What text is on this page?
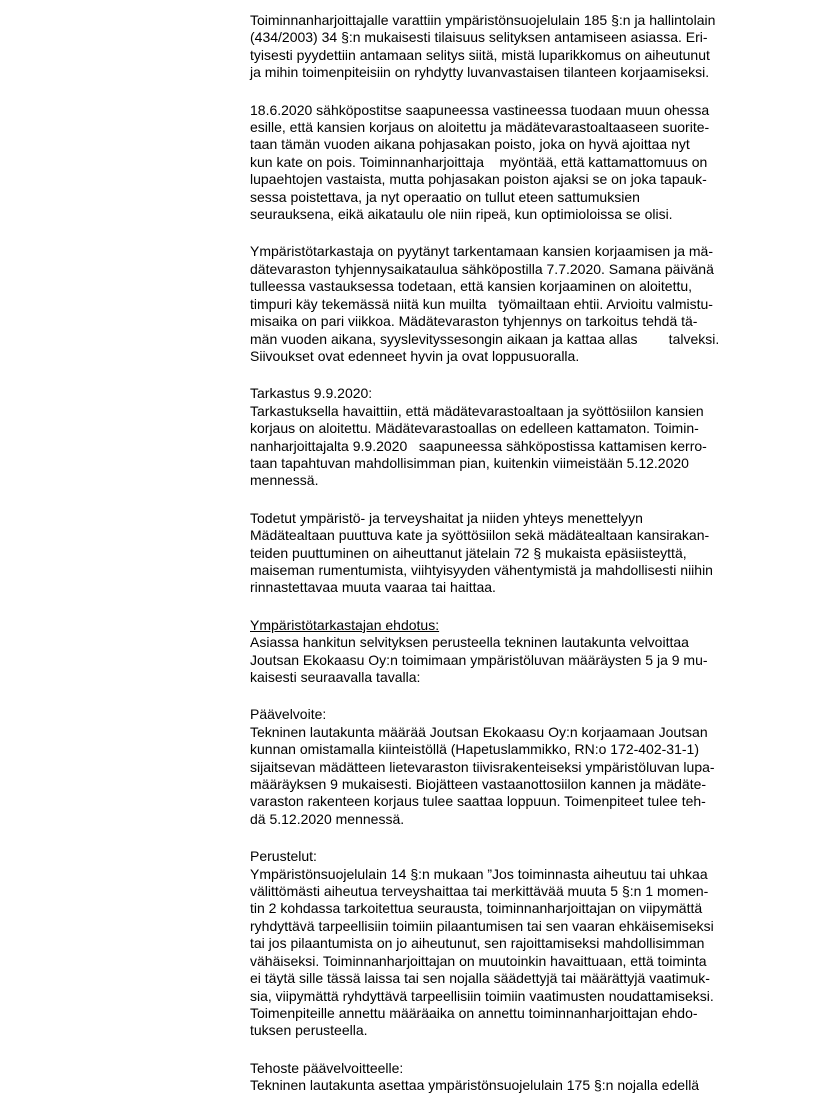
Toiminnanharjoittajalle varattiin ympäristönsuojelulain 185 §:n ja hallintolain
(434/2003) 34 §:n mukaisesti tilaisuus selityksen antamiseen asiassa. Eri-
tyisesti pyydettiin antamaan selitys siitä, mistä luparikkomus on aiheutunut
ja mihin toimenpiteisiin on ryhdytty luvanvastaisen tilanteen korjaamiseksi.
18.6.2020 sähköpostitse saapuneessa vastineessa tuodaan muun ohessa
esille, että kansien korjaus on aloitettu ja mädätevarastoaltaaseen suorite-
taan tämän vuoden aikana pohjasakan poisto, joka on hyvä ajoittaa nyt
kun kate on pois. Toiminnanharjoittaja    myöntää, että kattamattomuus on
lupaehtojen vastaista, mutta pohjasakan poiston ajaksi se on joka tapauk-
sessa poistettava, ja nyt operaatio on tullut eteen sattumuksien
seurauksena, eikä aikataulu ole niin ripeä, kun optimioloissa se olisi.
Ympäristötarkastaja on pyytänyt tarkentamaan kansien korjaamisen ja mä-
dätevaraston tyhjennysaikataulua sähköpostilla 7.7.2020. Samana päivänä
tulleessa vastauksessa todetaan, että kansien korjaaminen on aloitettu,
timpuri käy tekemässä niitä kun muilta   työmailtaan ehtii. Arvioitu valmistu-
misaika on pari viikkoa. Mädätevaraston tyhjennys on tarkoitus tehdä tä-
män vuoden aikana, syyslevityssesongin aikaan ja kattaa allas        talveksi.
Siivoukset ovat edenneet hyvin ja ovat loppusuoralla.
Tarkastus 9.9.2020:
Tarkastuksella havaittiin, että mädätevarastoaltaan ja syöttösiilon kansien
korjaus on aloitettu. Mädätevarastoallas on edelleen kattamaton. Toimin-
nanharjoittajalta 9.9.2020   saapuneessa sähköpostissa kattamisen kerro-
taan tapahtuvan mahdollisimman pian, kuitenkin viimeistään 5.12.2020
mennessä.
Todetut ympäristö- ja terveyshaitat ja niiden yhteys menettelyyn
Mädätealtaan puuttuva kate ja syöttösiilon sekä mädätealtaan kansirakan-
teiden puuttuminen on aiheuttanut jätelain 72 § mukaista epäsiisteyttä,
maiseman rumentumista, viihtyisyyden vähentymistä ja mahdollisesti niihin
rinnastettavaa muuta vaaraa tai haittaa.
Ympäristötarkastajan ehdotus:
Asiassa hankitun selvityksen perusteella tekninen lautakunta velvoittaa
Joutsan Ekokaasu Oy:n toimimaan ympäristöluvan määräysten 5 ja 9 mu-
kaisesti seuraavalla tavalla:
Päävelvoite:
Tekninen lautakunta määrää Joutsan Ekokaasu Oy:n korjaamaan Joutsan
kunnan omistamalla kiinteistöllä (Hapetuslammikko, RN:o 172-402-31-1)
sijaitsevan mädätteen lietevaraston tiivisrakenteiseksi ympäristöluvan lupa-
määräyksen 9 mukaisesti. Biojätteen vastaanottosiilon kannen ja mädäte-
varaston rakenteen korjaus tulee saattaa loppuun. Toimenpiteet tulee teh-
dä 5.12.2020 mennessä.
Perustelut:
Ympäristönsuojelulain 14 §:n mukaan ”Jos toiminnasta aiheutuu tai uhkaa
välittömästi aiheutua terveyshaittaa tai merkittävää muuta 5 §:n 1 momen-
tin 2 kohdassa tarkoitettua seurausta, toiminnanharjoittajan on viipymättä
ryhdyttävä tarpeellisiin toimiin pilaantumisen tai sen vaaran ehkäisemiseksi
tai jos pilaantumista on jo aiheutunut, sen rajoittamiseksi mahdollisimman
vähäiseksi. Toiminnanharjoittajan on muutoinkin havaittuaan, että toiminta
ei täytä sille tässä laissa tai sen nojalla säädettyjä tai määrättyjä vaatimuk-
sia, viipymättä ryhdyttävä tarpeellisiin toimiin vaatimusten noudattamiseksi.
Toimenpiteille annettu määräaika on annettu toiminnanharjoittajan ehdo-
tuksen perusteella.
Tehoste päävelvoitteelle:
Tekninen lautakunta asettaa ympäristönsuojelulain 175 §:n nojalla edellä
